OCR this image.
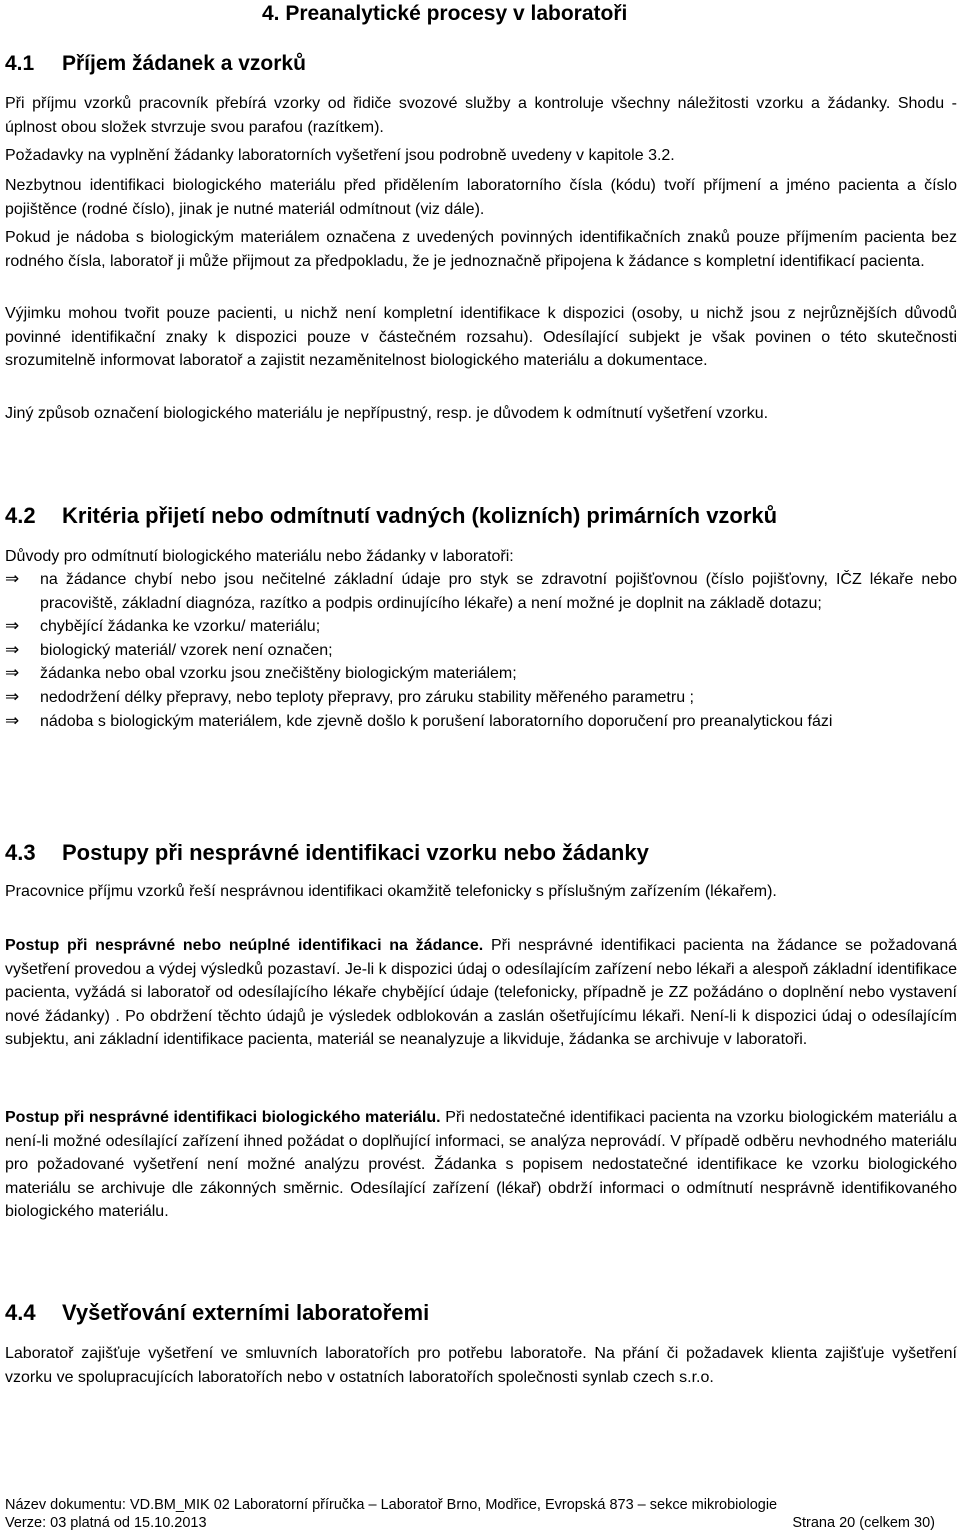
4. Preanalytické procesy v laboratoři
4.1 Příjem žádanek a vzorků

Při příjmu vzorků pracovník přebírá vzorky od řidiče svozové služby a kontroluje všechny náležitosti vzorku a žádanky. Shodu - úplnost obou složek stvrzuje svou parafou (razítkem).

Požadavky na vyplnění žádanky laboratorních vyšetření jsou podrobně uvedeny v kapitole 3.2.

Nezbytnou identifikaci biologického materiálu před přidělením laboratorního čísla (kódu) tvoří příjmení a jméno pacienta a číslo pojištěnce (rodné číslo), jinak je nutné materiál odmítnout (viz dále).

Pokud je nádoba s biologickým materiálem označena z uvedených povinných identifikačních znaků pouze příjmením pacienta bez rodného čísla, laboratoř ji může přijmout za předpokladu, že je jednoznačně připojena k žádance s kompletní identifikací pacienta.

Výjimku mohou tvořit pouze pacienti, u nichž není kompletní identifikace k dispozici (osoby, u nichž jsou z nejrůznějších důvodů povinné identifikační znaky k dispozici pouze v částečném rozsahu). Odesílající subjekt je však povinen o této skutečnosti srozumitelně informovat laboratoř a zajistit nezaměnitelnost biologického materiálu a dokumentace.

Jiný způsob označení biologického materiálu je nepřípustný, resp. je důvodem k odmítnutí vyšetření vzorku.

4.2 Kritéria přijetí nebo odmítnutí vadných (kolizních) primárních vzorků

Důvody pro odmítnutí biologického materiálu nebo žádanky v laboratoři:

⇒	na žádance chybí nebo jsou nečitelné základní údaje pro styk se zdravotní pojišťovnou (číslo pojišťovny, IČZ lékaře nebo pracoviště, základní diagnóza, razítko a podpis ordinujícího lékaře) a není možné je doplnit na základě dotazu;
⇒	chybějící žádanka ke vzorku/ materiálu;
⇒	biologický materiál/ vzorek není označen;
⇒	žádanka nebo obal vzorku jsou znečištěny biologickým materiálem;
⇒	nedodržení délky přepravy, nebo teploty přepravy, pro záruku stability měřeného parametru ;
⇒	nádoba s biologickým materiálem, kde zjevně došlo k porušení laboratorního doporučení pro preanalytickou fázi
4.3 Postupy při nesprávné identifikaci vzorku nebo žádanky

Pracovnice příjmu vzorků řeší nesprávnou identifikaci okamžitě telefonicky s příslušným zařízením (lékařem).

Postup při nesprávné nebo neúplné identifikaci na žádance. Při nesprávné identifikaci pacienta na žádance se požadovaná vyšetření provedou a výdej výsledků pozastaví. Je-li k dispozici údaj o odesílajícím zařízení nebo lékaři a alespoň základní identifikace pacienta, vyžádá si laboratoř od odesílajícího lékaře chybějící údaje (telefonicky, případně je ZZ požádáno o doplnění nebo vystavení nové žádanky) . Po obdržení těchto údajů je výsledek odblokován a zaslán ošetřujícímu lékaři. Není-li k dispozici údaj o odesílajícím subjektu, ani základní identifikace pacienta, materiál se neanalyzuje a likviduje, žádanka se archivuje v laboratoři.

Postup při nesprávné identifikaci biologického materiálu. Při nedostatečné identifikaci pacienta na vzorku biologickém materiálu a není-li možné odesílající zařízení ihned požádat o doplňující informaci, se analýza neprovádí. V případě odběru nevhodného materiálu pro požadované vyšetření není možné analýzu provést. Žádanka s popisem nedostatečné identifikace ke vzorku biologického materiálu se archivuje dle zákonných směrnic. Odesílající zařízení (lékař) obdrží informaci o odmítnutí nesprávně identifikovaného biologického materiálu.

4.4 Vyšetřování externími laboratořemi

Laboratoř zajišťuje vyšetření ve smluvních laboratořích pro potřebu laboratoře. Na přání či požadavek klienta zajišťuje vyšetření vzorku ve spolupracujících laboratořích nebo v ostatních laboratořích společnosti synlab czech s.r.o.

Název dokumentu: VD.BM_MIK 02 Laboratorní příručka – Laboratoř Brno, Modřice, Evropská 873 – sekce mikrobiologie
Verze: 03 platná od 15.10.2013	Strana 20 (celkem 30)
